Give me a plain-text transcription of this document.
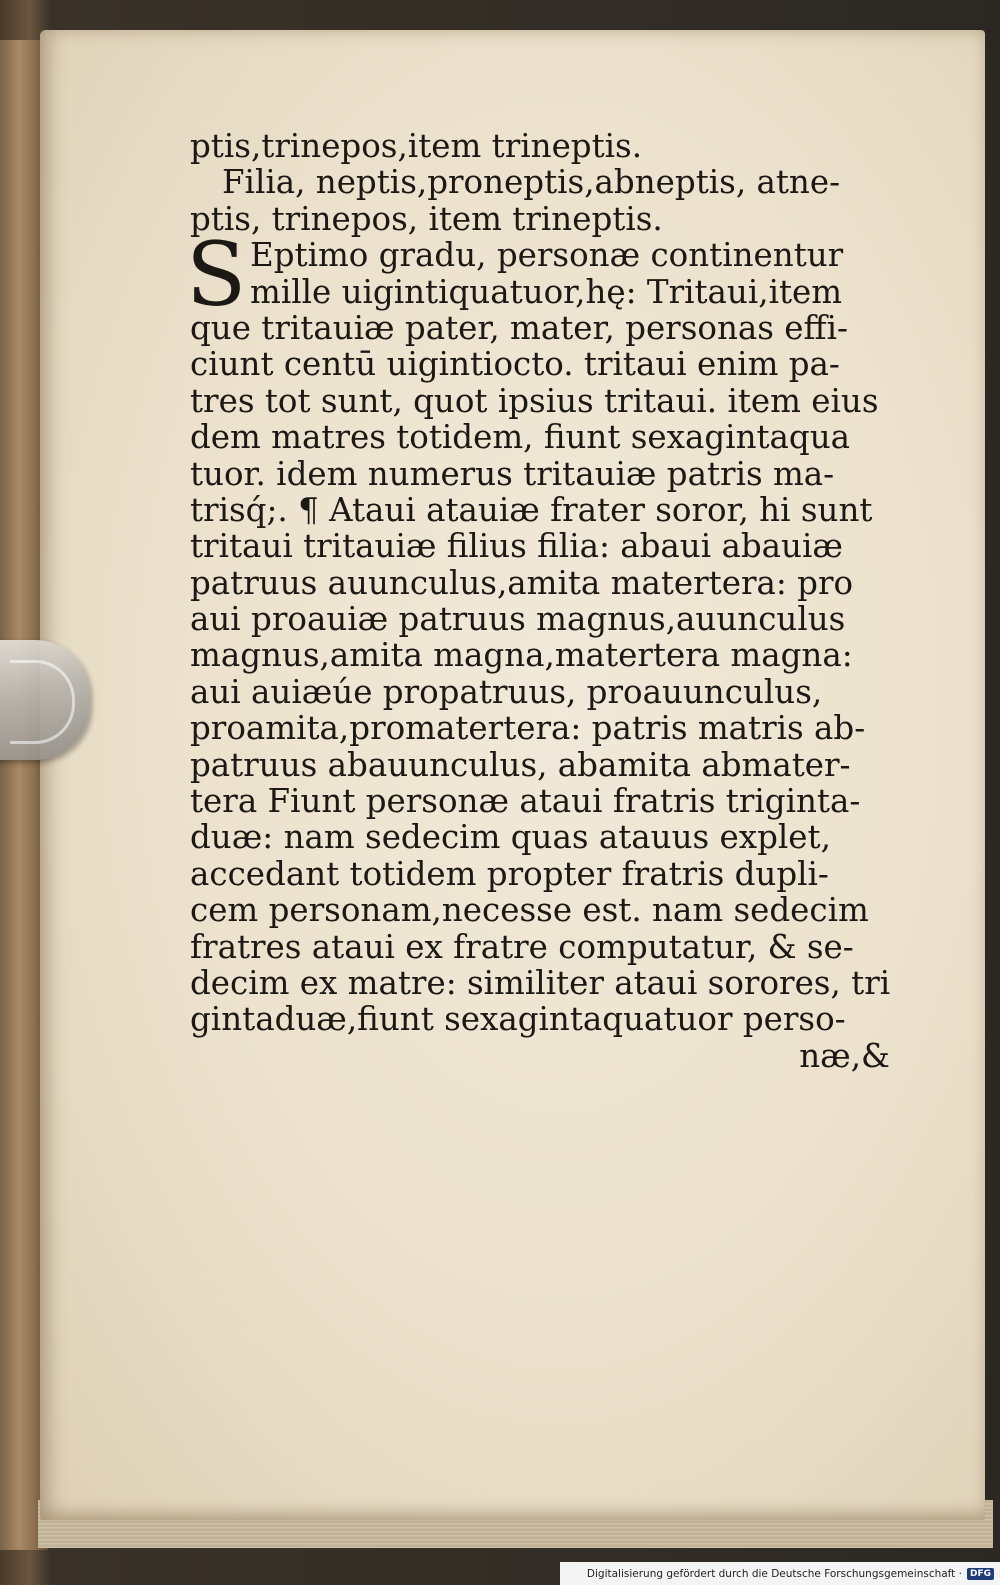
ptis,trinepos,item trineptis.
Filia, neptis,proneptis,abneptis, atne-
ptis, trinepos, item trineptis.
S Eptimo gradu, personæ continentur
mille uigintiquatuor,hę: Tritaui,item
que tritauiæ pater, mater, personas effi-
ciunt centū uigintiocto. tritaui enim pa-
tres tot sunt, quot ipsius tritaui. item eius
dem matres totidem, fiunt sexagintaqua
tuor. idem numerus tritauiæ patris ma-
trisq́;. ¶ Ataui atauiæ frater soror, hi sunt
tritaui tritauiæ filius filia: abaui abauiæ
patruus auunculus,amita matertera: pro
aui proauiæ patruus magnus,auunculus
magnus,amita magna,matertera magna:
aui auiæúe propatruus, proauunculus,
proamita,promatertera: patris matris ab-
patruus abauunculus, abamita abmater-
tera Fiunt personæ ataui fratris triginta-
duæ: nam sedecim quas atauus explet,
accedant totidem propter fratris dupli-
cem personam,necesse est. nam sedecim
fratres ataui ex fratre computatur, & se-
decim ex matre: similiter ataui sorores, tri
gintaduæ,fiunt sexagintaquatuor perso-
næ,&
Digitalisierung gefördert durch die Deutsche Forschungsgemeinschaft · DFG
